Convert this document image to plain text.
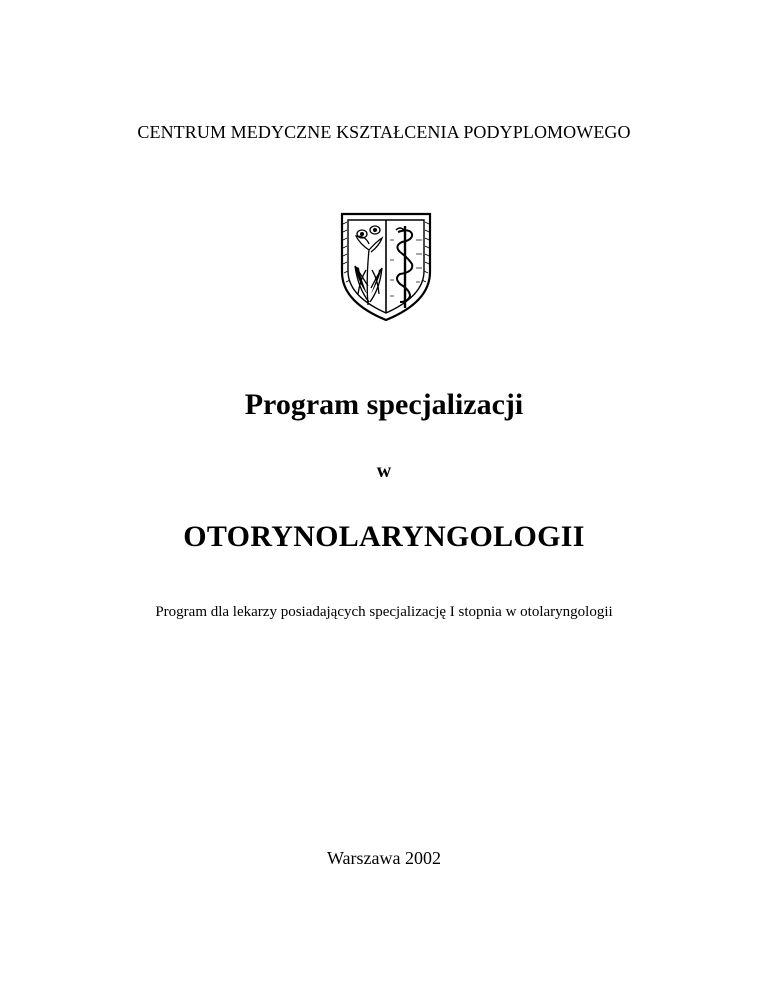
CENTRUM MEDYCZNE KSZTAŁCENIA PODYPLOMOWEGO

Program specjalizacji

w

OTORYNOLARYNGOLOGII

Program dla lekarzy posiadających specjalizację I stopnia w otolaryngologii

Warszawa 2002
